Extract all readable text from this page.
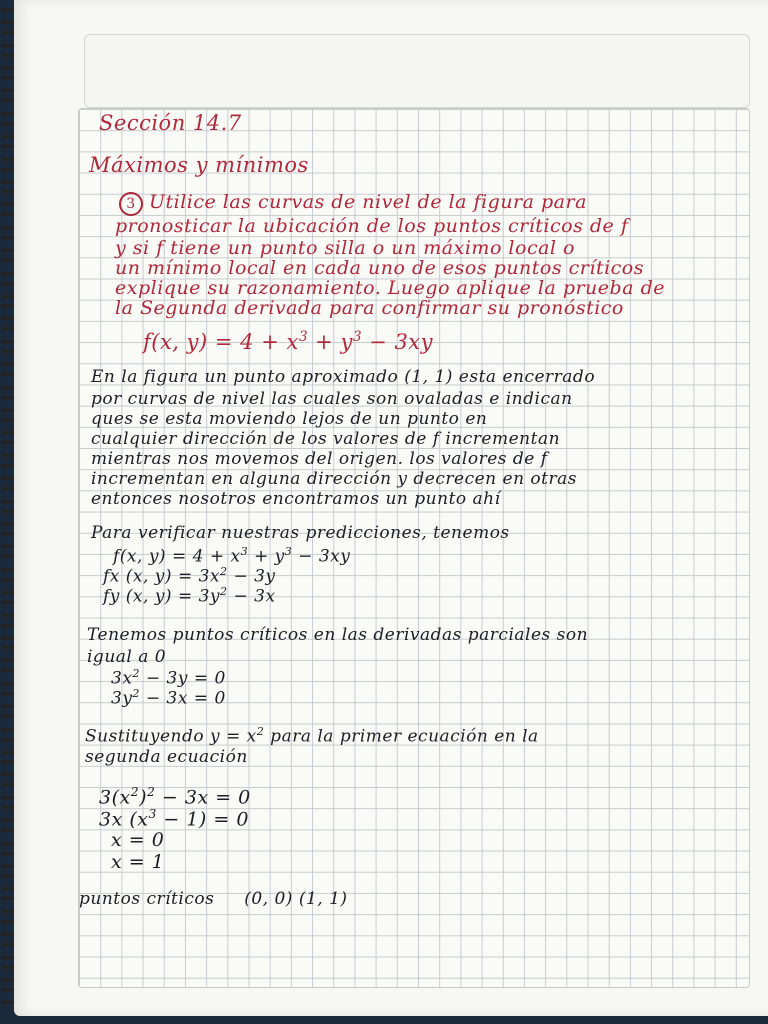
Sección 14.7
Máximos y mínimos
3 Utilice las curvas de nivel de la figura para
pronosticar la ubicación de los puntos críticos de f
y si f tiene un punto silla o un máximo local o
un mínimo local en cada uno de esos puntos críticos
explique su razonamiento. Luego aplique la prueba de
la Segunda derivada para confirmar su pronóstico
f(x, $y) = 4 + x^3 + y^3 - 3xy$
En la figura un punto aproximado (1, 1) esta encerrado
por curvas de nivel las cuales son ovaladas e indican
ques se esta moviendo lejos de un punto en
cualquier dirección de los valores de f incrementan
mientras nos movemos del origen. los valores de f
incrementan en alguna dirección y decrecen en otras
entonces nosotros encontramos un punto ahí
Para verificar nuestras predicciones, tenemos
f(x, $y) = 4 + x^3 + y^3 - 3xy$
fx (x, $y) = 3x^2 - 3y$
fy (x, $y) = 3y^2 - 3x$
Tenemos puntos críticos en las derivadas parciales son
igual a 0
$3x^2 - 3y = 0$
$3y^2 - 3x = 0$
Sustituyendo $y = x^2$ para la primer ecuación en la
segunda ecuación
$3(x^2)^2 - 3x = 0$
3x $(x^3 - 1) = 0$
x = 0
x = 1
puntos críticos (0, 0) (1, 1)
